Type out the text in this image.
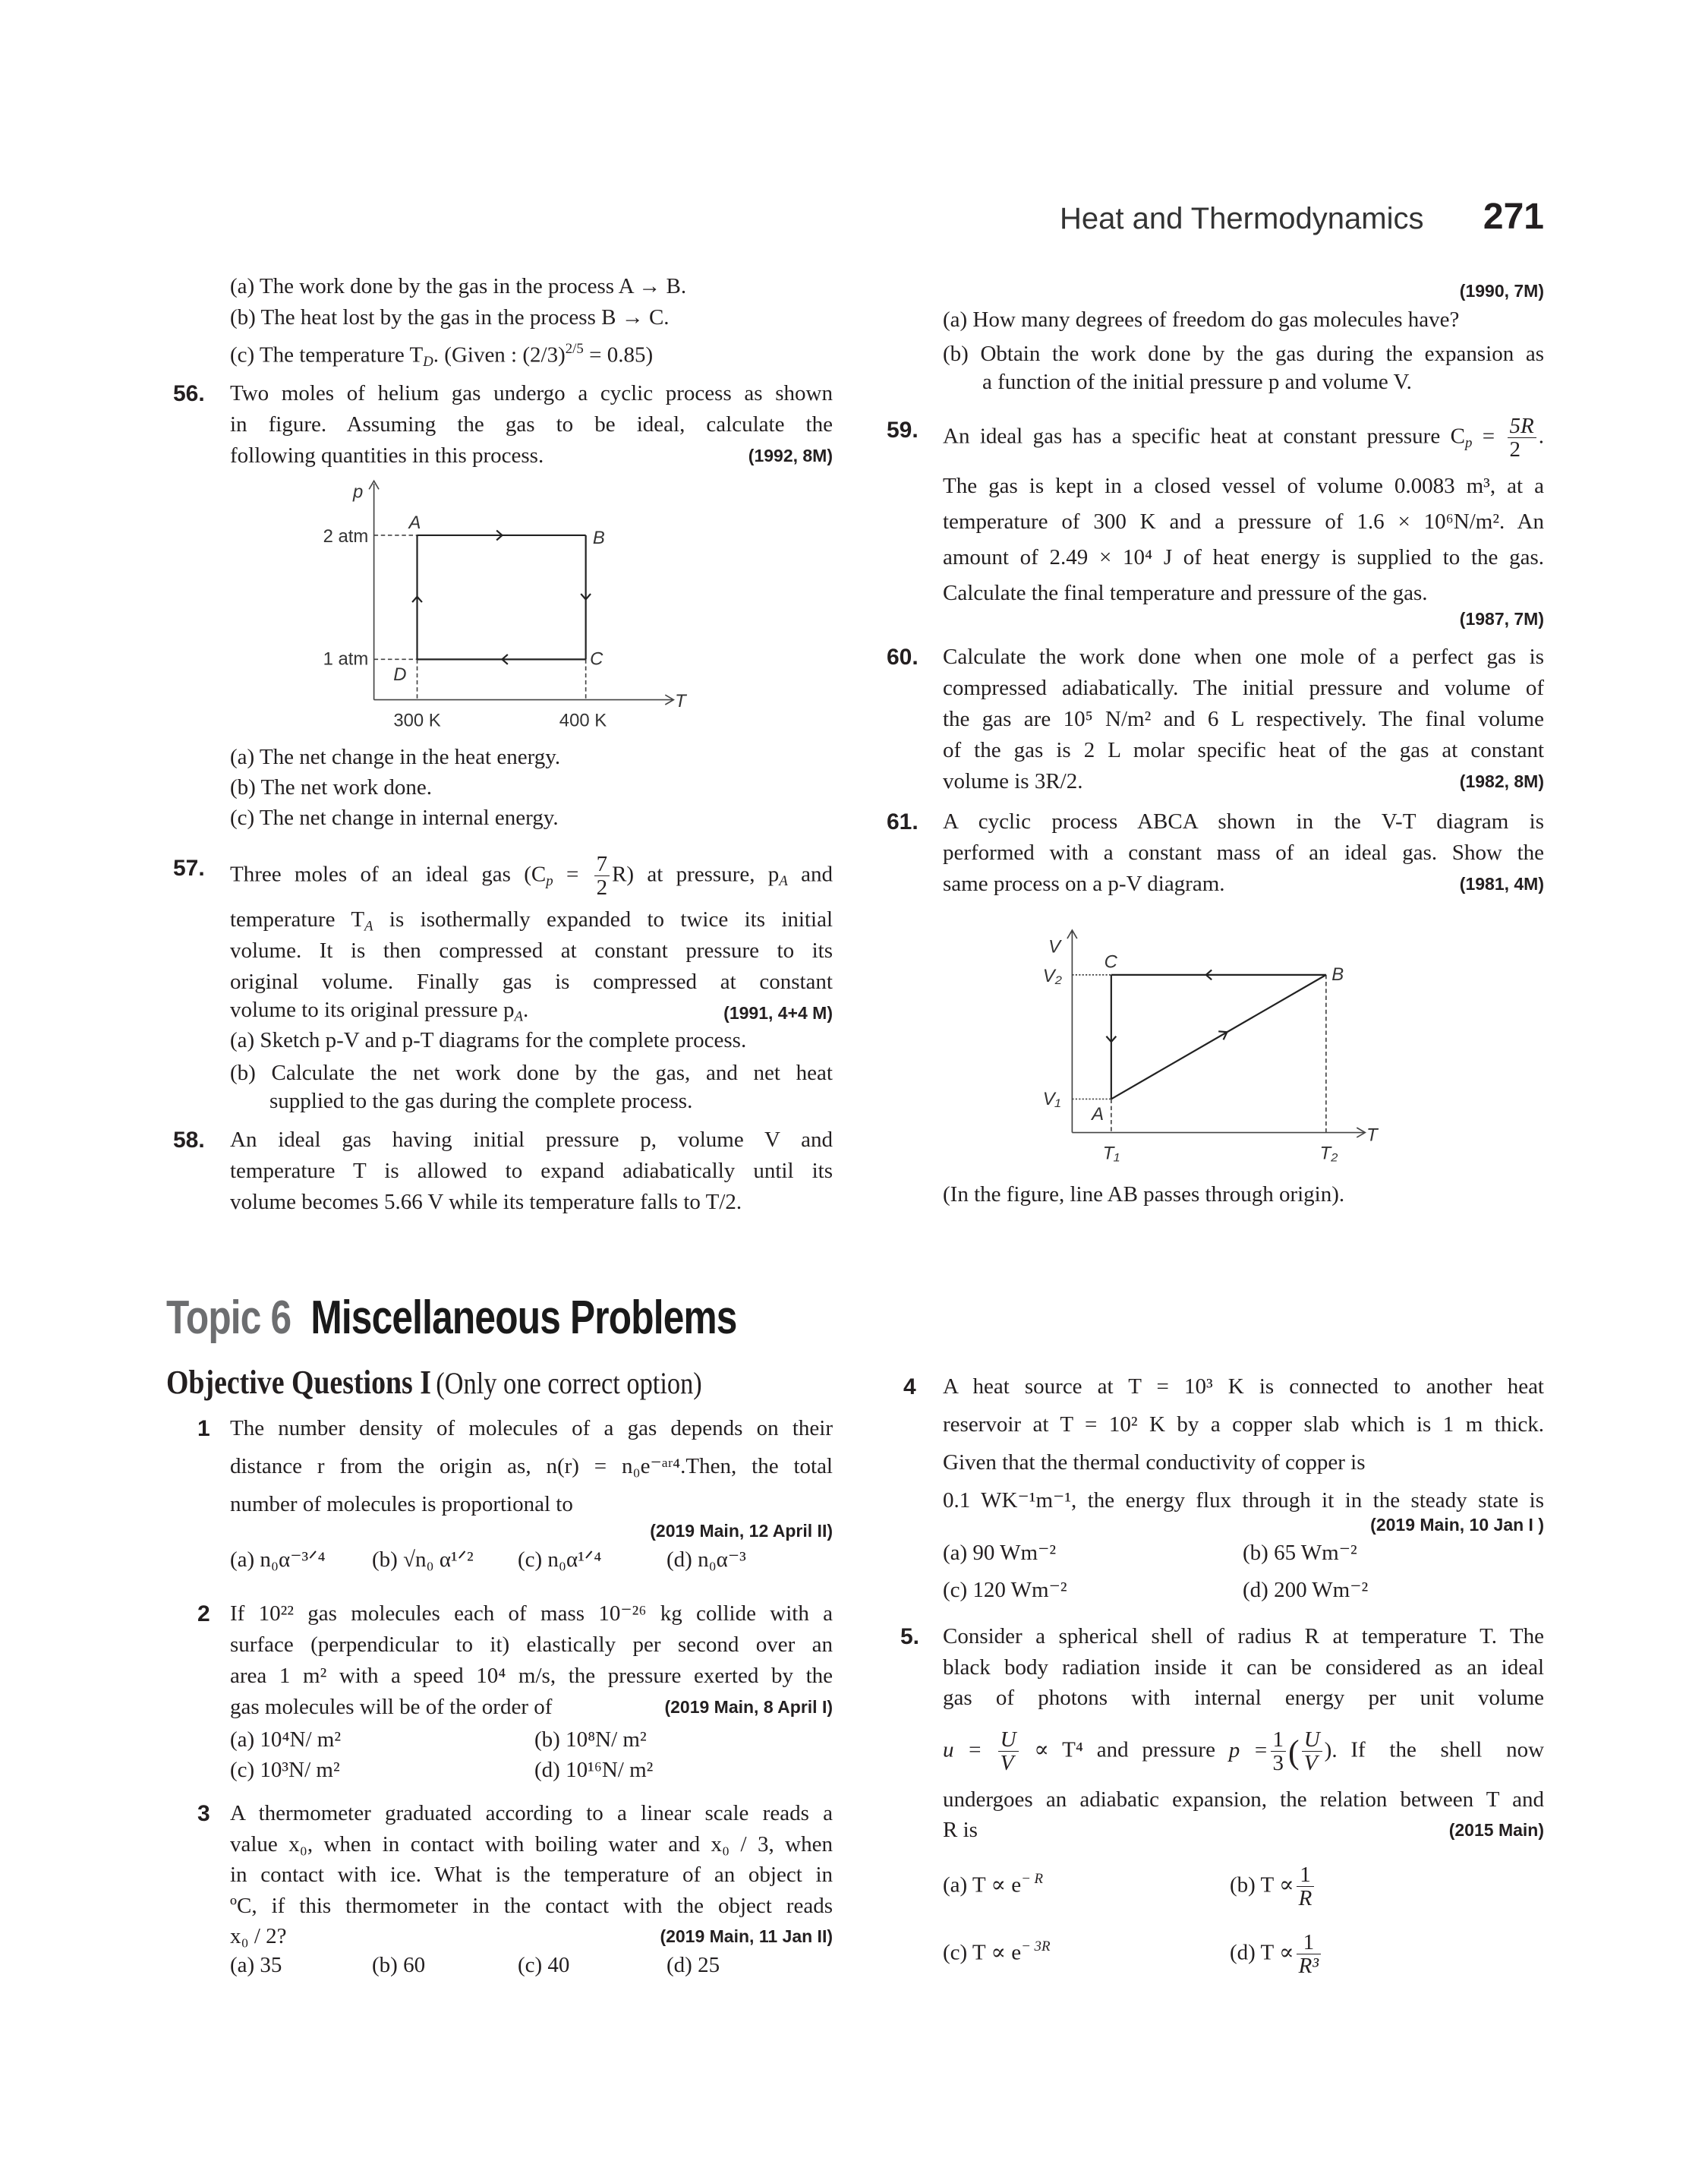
Heat and Thermodynamics 271
(a) The work done by the gas in the process A → B.
(b) The heat lost by the gas in the process B → C.
(c) The temperature $T_D$. (Given : $(2/3)^{2/5} = 0.85$)
56. Two moles of helium gas undergo a cyclic process as shown
in figure. Assuming the gas to be ideal, calculate the
following quantities in this process.	(1992, 8M)
p
2 atm
1 atm
300 K	400 K
T
A
B
C
D
(a) The net change in the heat energy.
(b) The net work done.
(c) The net change in internal energy.
57. Three moles of an ideal gas $(C_p = \frac{7}{2} R)$ at pressure, $p_A$ and
temperature $T_A$ is isothermally expanded to twice its initial
volume. It is then compressed at constant pressure to its
original volume. Finally gas is compressed at constant
volume to its original pressure $p_A$.	(1991, 4+4 M)
(a) Sketch p-V and p-T diagrams for the complete process.
(b) Calculate the net work done by the gas, and net heat
supplied to the gas during the complete process.
58. An ideal gas having initial pressure p, volume V and
temperature T is allowed to expand adiabatically until its
volume becomes 5.66 V while its temperature falls to T/2.
Topic 6 Miscellaneous Problems
Objective Questions I (Only one correct option)
1 The number density of molecules of a gas depends on their
distance r from the origin as, n(r) = n₀e⁻ᵃʳ⁴.Then, the total
number of molecules is proportional to
(2019 Main, 12 April II)
(a) n₀α⁻³ᐟ⁴ (b) √n₀ α¹ᐟ² (c) n₀α¹ᐟ⁴	(d) n₀α⁻³
2 If 10²² gas molecules each of mass 10⁻²⁶ kg collide with a
surface (perpendicular to it) elastically per second over an
area 1 m² with a speed 10⁴ m/s, the pressure exerted by the
gas molecules will be of the order of	(2019 Main, 8 April I)
(a) 10⁴N/ m²	(b) 10⁸N/ m²
(c) 10³N/ m²	(d) 10¹⁶N/ m²
3 A thermometer graduated according to a linear scale reads a
value x₀, when in contact with boiling water and x₀ / 3, when
in contact with ice. What is the temperature of an object in
ºC, if this thermometer in the contact with the object reads
x₀ / 2?	(2019 Main, 11 Jan II)
(a) 35	(b) 60	(c) 40	(d) 25
(1990, 7M)
(a) How many degrees of freedom do gas molecules have?
(b) Obtain the work done by the gas during the expansion as
a function of the initial pressure p and volume V.
59. An ideal gas has a specific heat at constant pressure $C_p = \frac{5R}{2}$ .
The gas is kept in a closed vessel of volume 0.0083 m³, at a
temperature of 300 K and a pressure of 1.6 × 10⁶N/m². An
amount of 2.49 × 10⁴ J of heat energy is supplied to the gas.
Calculate the final temperature and pressure of the gas.
(1987, 7M)
60. Calculate the work done when one mole of a perfect gas is
compressed adiabatically. The initial pressure and volume of
the gas are 10⁵ N/m² and 6 L respectively. The final volume
of the gas is 2 L molar specific heat of the gas at constant
volume is 3R/2.	(1982, 8M)
61. A cyclic process ABCA shown in the V-T diagram is
performed with a constant mass of an ideal gas. Show the
same process on a p-V diagram.	(1981, 4M)
V
V₂
V₁
T₁	T₂
T
A
B
C
(In the figure, line AB passes through origin).
4 A heat source at T = 10³ K is connected to another heat
reservoir at T = 10² K by a copper slab which is 1 m thick.
Given that the thermal conductivity of copper is
0.1 WK⁻¹m⁻¹, the energy flux through it in the steady state is
(2019 Main, 10 Jan I )
(a) 90 Wm⁻²	(b) 65 Wm⁻²
(c) 120 Wm⁻²	(d) 200 Wm⁻²
5. Consider a spherical shell of radius R at temperature T. The
black body radiation inside it can be considered as an ideal
gas of photons with internal energy per unit volume
$u = \frac{U}{V} \propto T^4$ and pressure $p = \frac{1}{3}$ ( $\frac{U}{V}$ ). If the shell now
undergoes an adiabatic expansion, the relation between T and
R is	(2015 Main)
(a) $T \propto e^{- R}$	(b) $T \propto \frac{1}{R}$
(c) $T \propto e^{- 3R}$	(d) $T \propto \frac{1}{\text{R³}}$
